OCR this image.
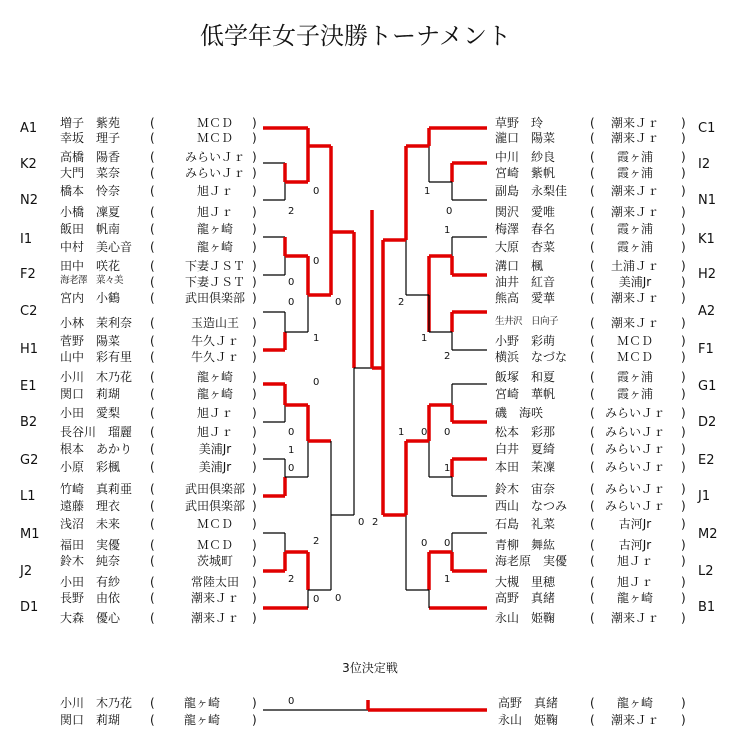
低学年女子決勝トーナメント
A1 増子　紫苑 (	ＭＣＤ )
幸坂　理子 (	ＭＣＤ )
K2 高橋　陽香 (	みらいＪｒ )
大門　菜奈 (	みらいＪｒ )
N2
橋本　怜奈 (	旭Ｊｒ )
小橋　凜夏 (	旭Ｊｒ )
I1
飯田　帆南 (	龍ヶ崎 )
中村　美心音 (	龍ヶ崎 )
F2
田中　咲花 (	下妻ＪＳＴ )
海老澤　菜々美 (	下妻ＪＳＴ )
C2
宮内　小鶴 (	武田倶楽部 )
小林　茉利奈 (	玉造山王 )
H1
菅野　陽菜 (	牛久Ｊｒ )
山中　彩有里 (	牛久Ｊｒ )
E1
小川　木乃花 (	龍ヶ崎 )
関口　莉瑚 (	龍ヶ崎 )
B2
小田　愛梨 (	旭Ｊｒ )
長谷川　瑠麗 (	旭Ｊｒ )
G2
根本　あかり (	美浦Jr )
小原　彩楓 (	美浦Jr )
L1 竹崎　真莉亜 (	武田倶楽部 )
遠藤　理衣 (	武田倶楽部 )
M1
浅沼　未来 (	ＭＣＤ )
福田　実優 (	ＭＣＤ )
J2
鈴木　純奈 (	茨城町 )
小田　有紗 (	常陸太田 )
D1
長野　由依 (	潮来Ｊｒ )
大森　優心 (	潮来Ｊｒ )
C1
草野　玲	( 潮来Ｊｒ )
瀧口　陽菜	( 潮来Ｊｒ )
I2
中川　紗良	( 霞ヶ浦 )
宮崎　紫帆	( 霞ヶ浦 )
N1
副島　永梨佳 ( 潮来Ｊｒ )
関沢　愛唯	( 潮来Ｊｒ )
K1
梅澤　春名	( 霞ヶ浦 )
大原　杏菜	( 霞ヶ浦 )
H2
溝口　楓	( 土浦Ｊｒ )
油井　紅音	( 美浦Jr )
A2
熊高　愛華	( 潮来Ｊｒ )
生井沢　日向子	( 潮来Ｊｒ )
F1
小野　彩萌	( ＭＣＤ )
横浜　なづな ( ＭＣＤ )
G1
飯塚　和夏	( 霞ヶ浦 )
宮崎　華帆	( 霞ヶ浦 )
D2
磯　海咲	( みらいＪｒ )
松本　彩那	( みらいＪｒ )
E2
白井　夏綺	( みらいＪｒ )
本田　茉凜	( みらいＪｒ )
J1
鈴木　宙奈	( みらいＪｒ )
西山　なつみ ( みらいＪｒ )
M2
石島　礼菜	( 古河Jr )
青柳　舞紘	( 古河Jr )
L2
海老原　実優 ( 旭Ｊｒ )
大槻　里穂	( 旭Ｊｒ )
B1
高野　真緒	( 龍ヶ崎 )
永山　姫鞠	( 潮来Ｊｒ )
0
2
0
0
0	0
1
0
0
1
0
2
2
0 0
1
0
1
2
1
2
1 0 0
1
0 0
1
0 2
3位決定戦
0
小川　木乃花 ( 龍ヶ崎	)
関口　莉瑚 ( 龍ヶ崎	)
高野　真緒	( 龍ヶ崎 )
永山　姫鞠	( 潮来Ｊｒ )
